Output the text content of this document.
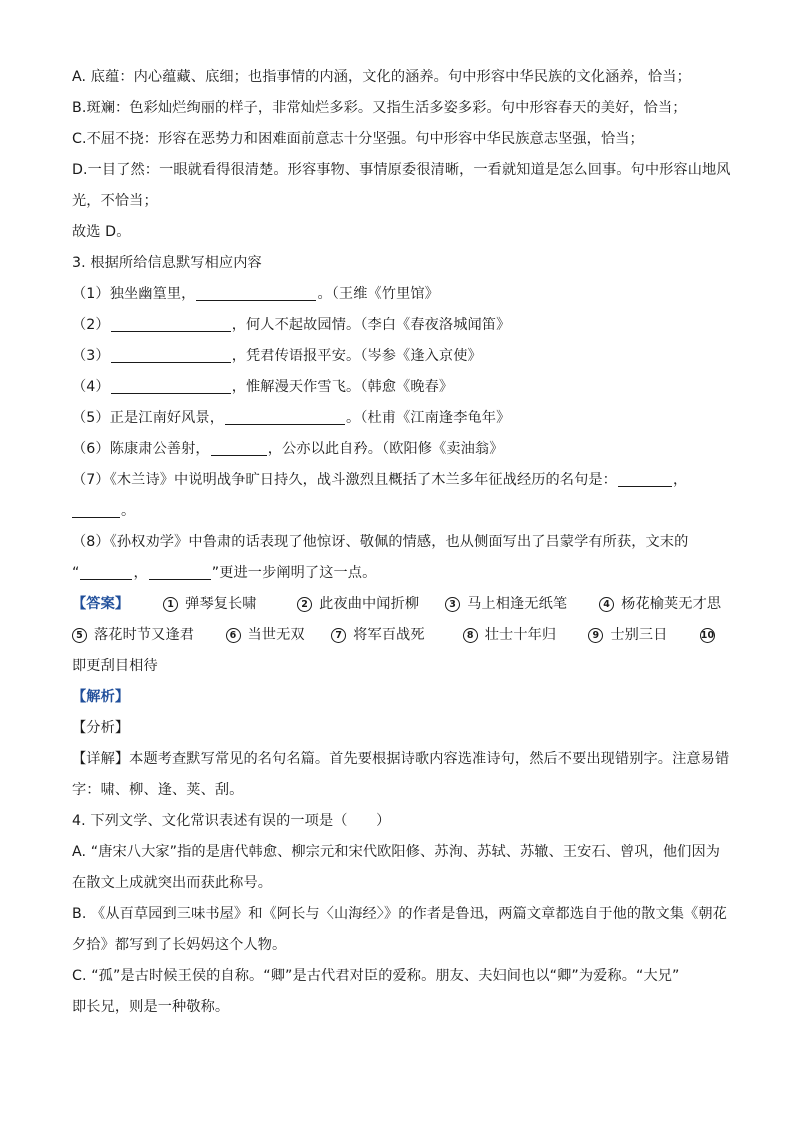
A. 底蕴：内心蕴藏、底细；也指事情的内涵，文化的涵养。句中形容中华民族的文化涵养，恰当；
B.斑斓：色彩灿烂绚丽的样子，非常灿烂多彩。又指生活多姿多彩。句中形容春天的美好，恰当；
C.不屈不挠：形容在恶势力和困难面前意志十分坚强。句中形容中华民族意志坚强，恰当；
D.一目了然：一眼就看得很清楚。形容事物、事情原委很清晰，一看就知道是怎么回事。句中形容山地风
光，不恰当；
故选 D。
3. 根据所给信息默写相应内容
（1）独坐幽篁里，	。（王维《竹里馆》
（2）	，何人不起故园情。（李白《春夜洛城闻笛》
（3）	，凭君传语报平安。（岑参《逢入京使》
（4）	，惟解漫天作雪飞。（韩愈《晚春》
（5）正是江南好风景，	。（杜甫《江南逢李龟年》
（6）陈康肃公善射，	，公亦以此自矜。（欧阳修《卖油翁》
（7）《木兰诗》中说明战争旷日持久，战斗激烈且概括了木兰多年征战经历的名句是：	，
。
（8）《孙权劝学》中鲁肃的话表现了他惊讶、敬佩的情感，也从侧面写出了吕蒙学有所获，文末的
“	，	”更进一步阐明了这一点。
【答案】	1 弹琴复长啸	2 此夜曲中闻折柳	3 马上相逢无纸笔	4 杨花榆荚无才思
5 落花时节又逢君	6 当世无双	7 将军百战死	8 壮士十年归	9 士别三日	10
即更刮目相待
【解析】
【分析】
【详解】本题考查默写常见的名句名篇。首先要根据诗歌内容选准诗句，然后不要出现错别字。注意易错
字：啸、柳、逢、荚、刮。
4. 下列文学、文化常识表述有误的一项是（　　）
A. “唐宋八大家”指的是唐代韩愈、柳宗元和宋代欧阳修、苏洵、苏轼、苏辙、王安石、曾巩，他们因为
在散文上成就突出而获此称号。
B. 《从百草园到三味书屋》和《阿长与〈山海经〉》的作者是鲁迅，两篇文章都选自于他的散文集《朝花
夕拾》都写到了长妈妈这个人物。
C. “孤”是古时候王侯的自称。“卿”是古代君对臣的爱称。朋友、夫妇间也以“卿”为爱称。“大兄”
即长兄，则是一种敬称。
